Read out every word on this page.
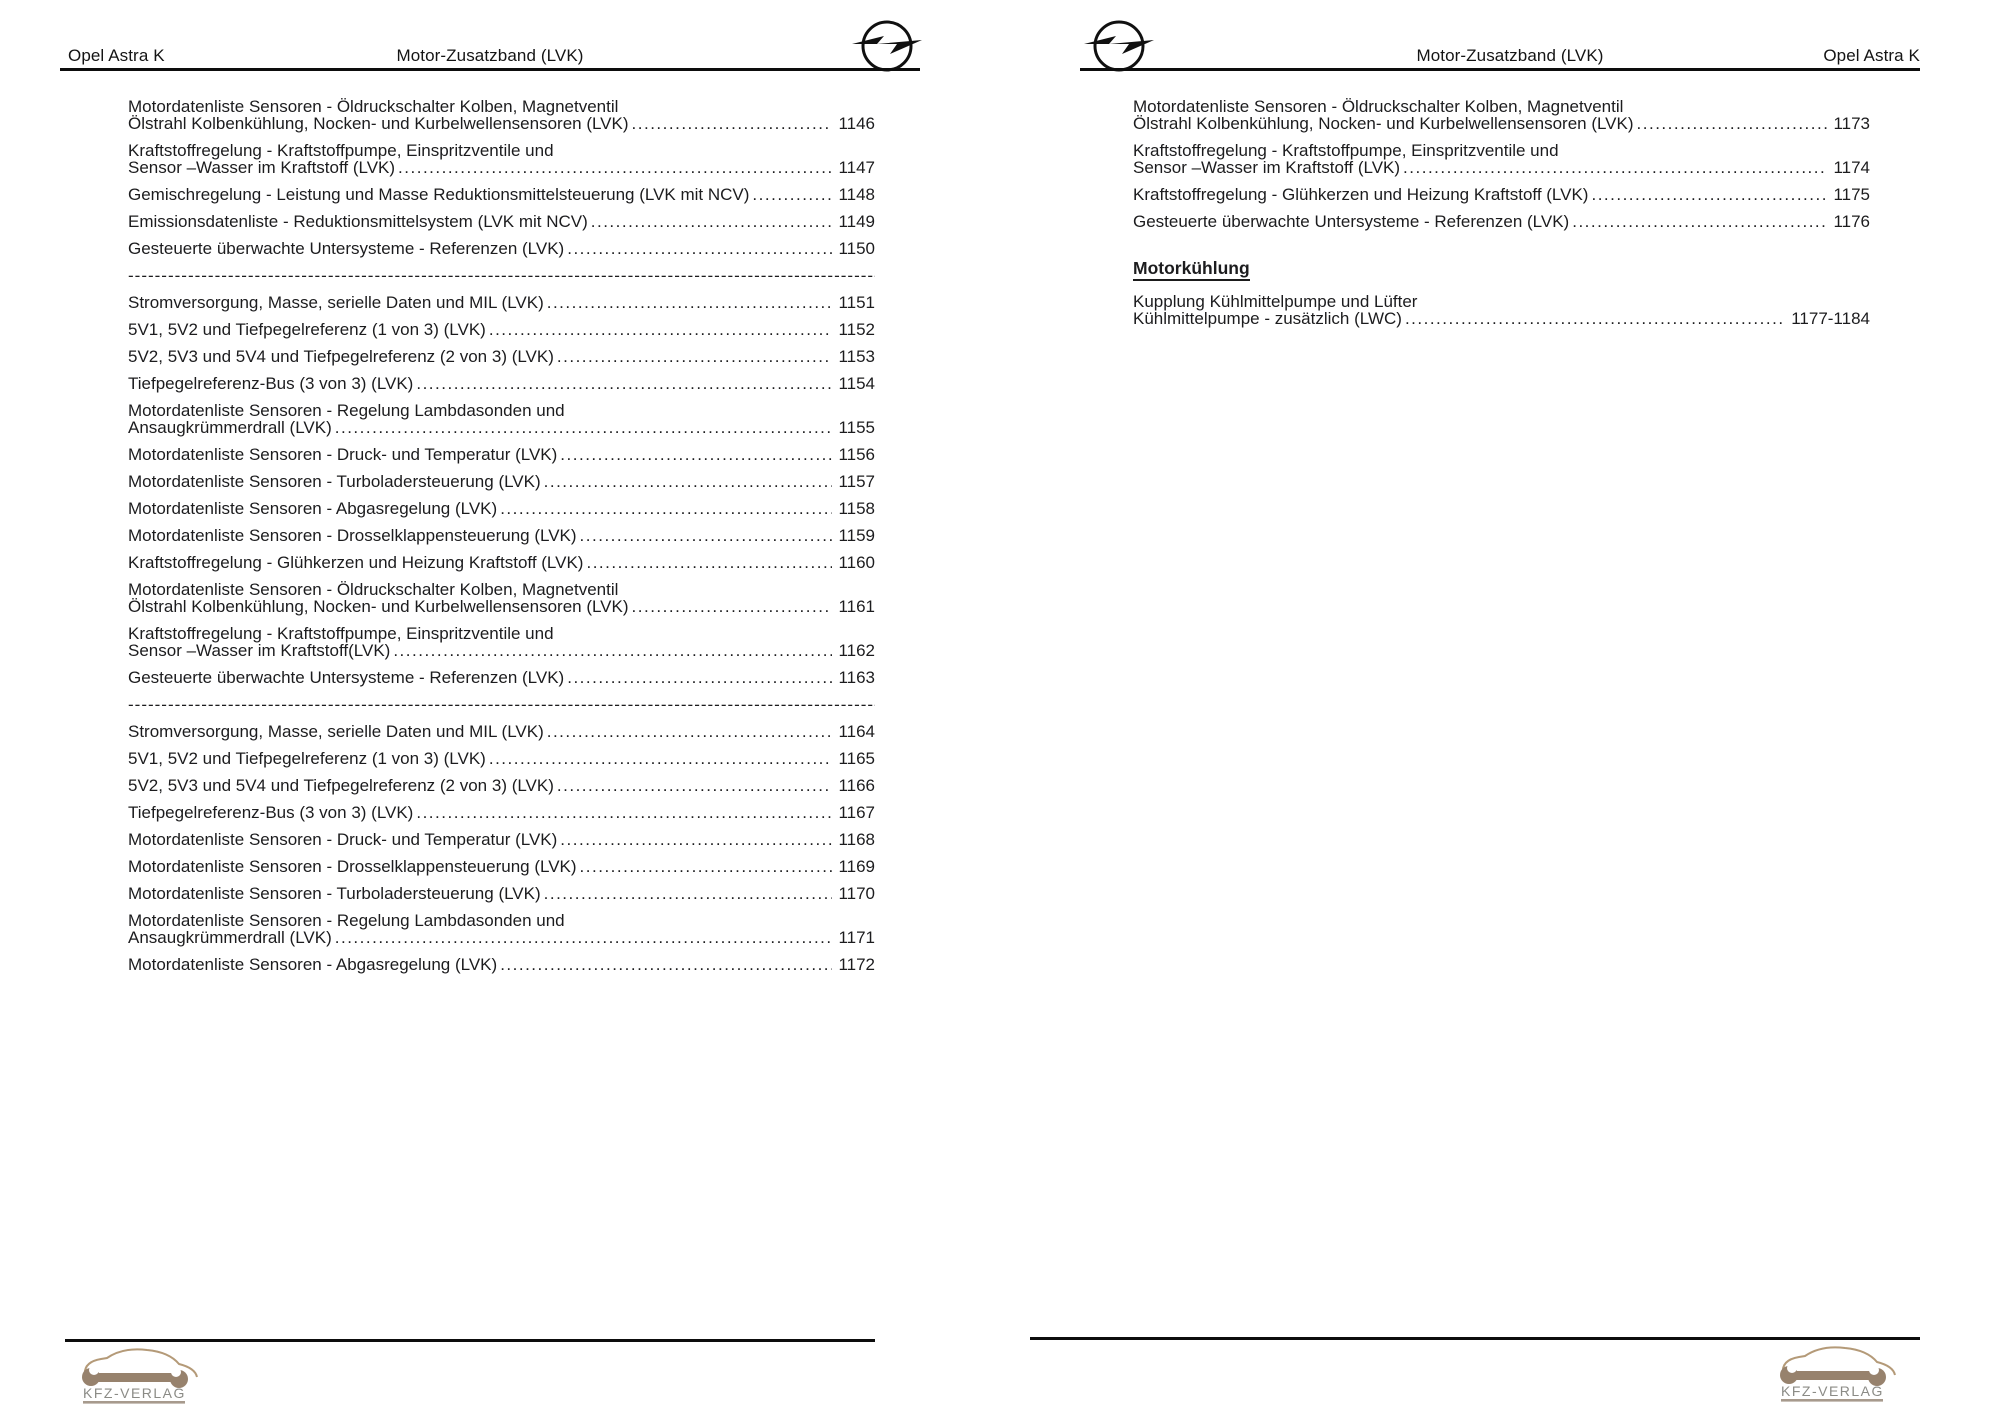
Opel Astra K	Motor-Zusatzband (LVK)
Motordatenliste Sensoren - Öldruckschalter Kolben, Magnetventil
Ölstrahl Kolbenkühlung, Nocken- und Kurbelwellensensoren (LVK) .....	1146
Kraftstoffregelung - Kraftstoffpumpe, Einspritzventile und
Sensor –Wasser im Kraftstoff (LVK) .....	1147
Gemischregelung - Leistung und Masse Reduktionsmittelsteuerung (LVK mit NCV) .....	1148
Emissionsdatenliste - Reduktionsmittelsystem (LVK mit NCV) .....	1149
Gesteuerte überwachte Untersysteme - Referenzen (LVK) .....	1150
-----
Stromversorgung, Masse, serielle Daten und MIL (LVK) .....	1151
5V1, 5V2 und Tiefpegelreferenz (1 von 3) (LVK) .....	1152
5V2, 5V3 und 5V4 und Tiefpegelreferenz (2 von 3) (LVK) .....	1153
Tiefpegelreferenz-Bus (3 von 3) (LVK) .....	1154
Motordatenliste Sensoren - Regelung Lambdasonden und
Ansaugkrümmerdrall (LVK) .....	1155
Motordatenliste Sensoren - Druck- und Temperatur (LVK) .....	1156
Motordatenliste Sensoren - Turboladersteuerung (LVK) .....	1157
Motordatenliste Sensoren - Abgasregelung (LVK) .....	1158
Motordatenliste Sensoren - Drosselklappensteuerung (LVK) .....	1159
Kraftstoffregelung - Glühkerzen und Heizung Kraftstoff (LVK) .....	1160
Motordatenliste Sensoren - Öldruckschalter Kolben, Magnetventil
Ölstrahl Kolbenkühlung, Nocken- und Kurbelwellensensoren (LVK) .....	1161
Kraftstoffregelung - Kraftstoffpumpe, Einspritzventile und
Sensor –Wasser im Kraftstoff(LVK) .....	1162
Gesteuerte überwachte Untersysteme - Referenzen (LVK) .....	1163
-----
Stromversorgung, Masse, serielle Daten und MIL (LVK) .....	1164
5V1, 5V2 und Tiefpegelreferenz (1 von 3) (LVK) .....	1165
5V2, 5V3 und 5V4 und Tiefpegelreferenz (2 von 3) (LVK) .....	1166
Tiefpegelreferenz-Bus (3 von 3) (LVK) .....	1167
Motordatenliste Sensoren - Druck- und Temperatur (LVK) .....	1168
Motordatenliste Sensoren - Drosselklappensteuerung (LVK) .....	1169
Motordatenliste Sensoren - Turboladersteuerung (LVK) .....	1170
Motordatenliste Sensoren - Regelung Lambdasonden und
Ansaugkrümmerdrall (LVK) .....	1171
Motordatenliste Sensoren - Abgasregelung (LVK) .....	1172
Motor-Zusatzband (LVK)	Opel Astra K
Motordatenliste Sensoren - Öldruckschalter Kolben, Magnetventil
Ölstrahl Kolbenkühlung, Nocken- und Kurbelwellensensoren (LVK) .....	1173
Kraftstoffregelung - Kraftstoffpumpe, Einspritzventile und
Sensor –Wasser im Kraftstoff (LVK) .....	1174
Kraftstoffregelung - Glühkerzen und Heizung Kraftstoff (LVK) .....	1175
Gesteuerte überwachte Untersysteme - Referenzen (LVK) .....	1176
Motorkühlung
Kupplung Kühlmittelpumpe und Lüfter
Kühlmittelpumpe - zusätzlich (LWC) .....	1177-1184
KFZ-VERLAG	KFZ-VERLAG
